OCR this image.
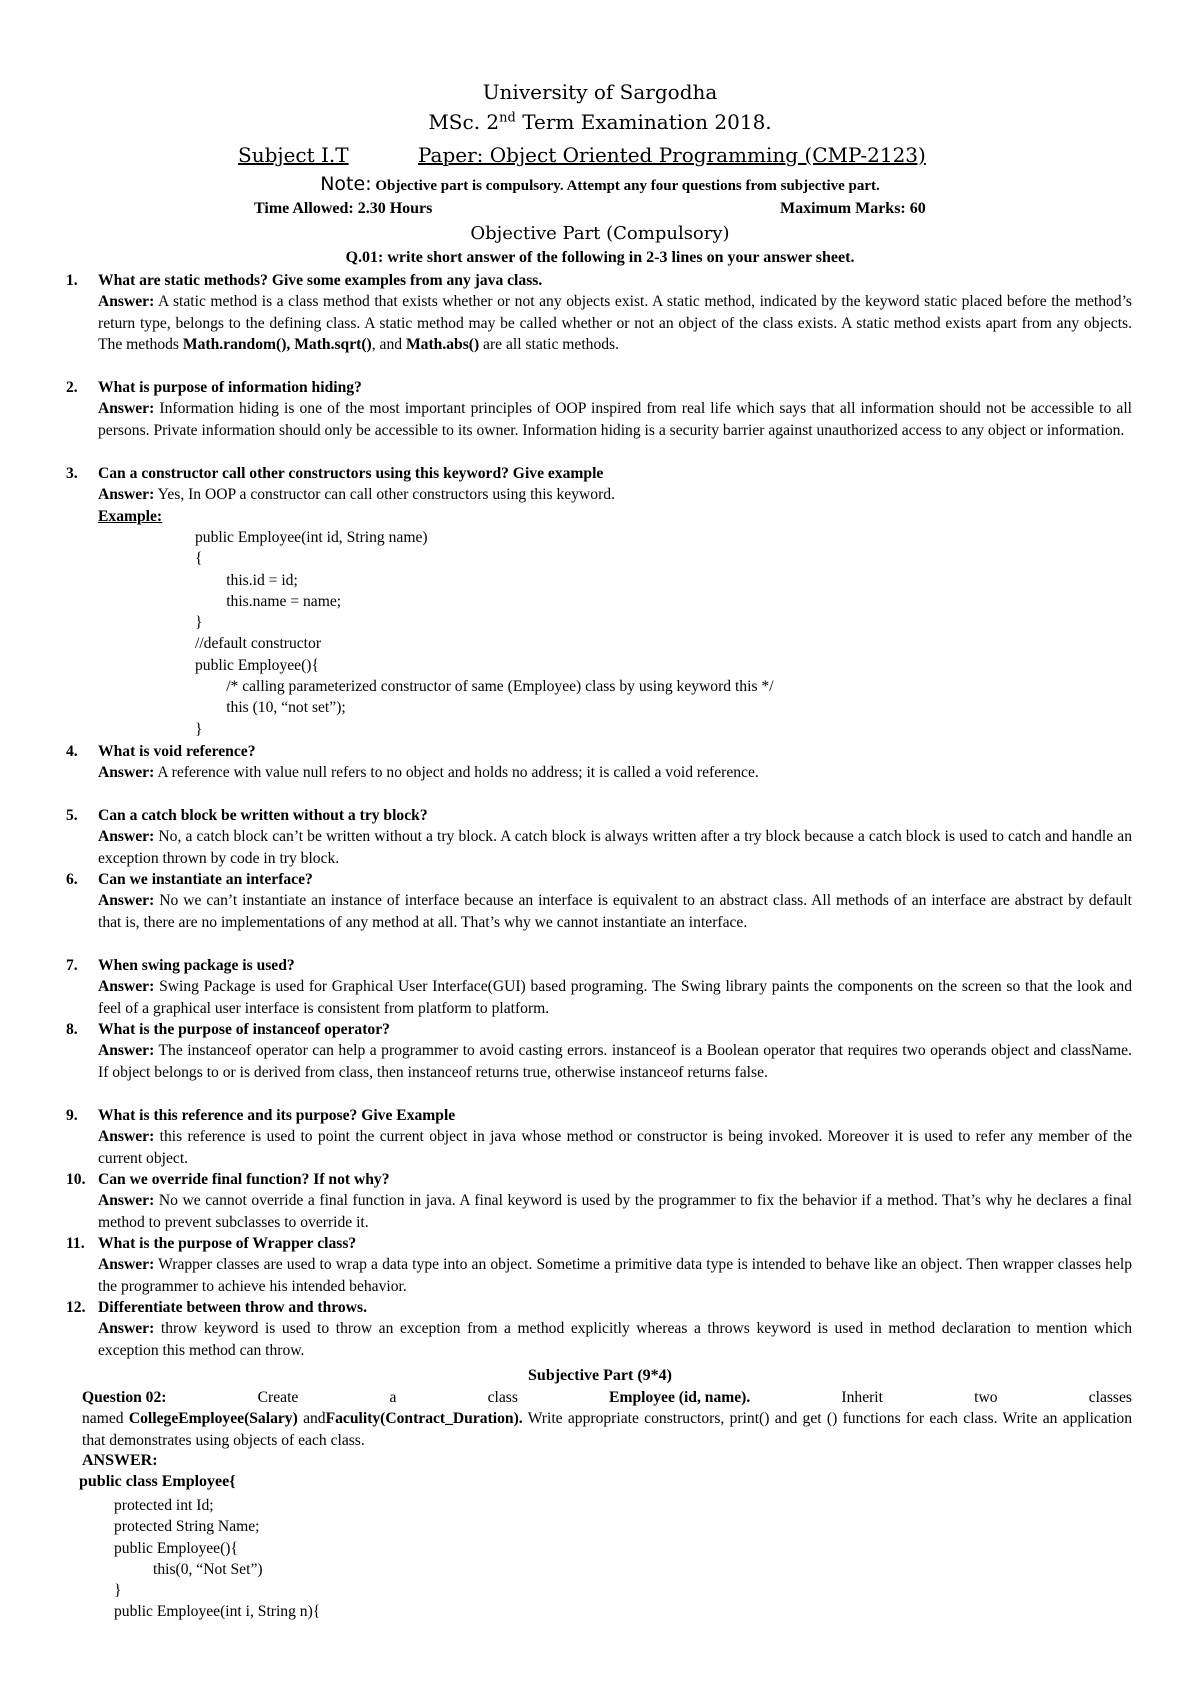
University of Sargodha
MSc. 2nd Term Examination 2018.
Subject I.T	Paper: Object Oriented Programming (CMP-2123)
Note: Objective part is compulsory. Attempt any four questions from subjective part.
Time Allowed: 2.30 Hours	Maximum Marks: 60
Objective Part (Compulsory)
Q.01: write short answer of the following in 2-3 lines on your answer sheet.
1. What are static methods? Give some examples from any java class.
Answer: A static method is a class method that exists whether or not any objects exist. A static method, indicated by the keyword static placed before the method’s return type, belongs to the defining class. A static method may be called whether or not an object of the class exists. A static method exists apart from any objects. The methods Math.random(), Math.sqrt(), and Math.abs() are all static methods.
2. What is purpose of information hiding?
Answer: Information hiding is one of the most important principles of OOP inspired from real life which says that all information should not be accessible to all persons. Private information should only be accessible to its owner. Information hiding is a security barrier against unauthorized access to any object or information.
3. Can a constructor call other constructors using this keyword? Give example
Answer: Yes, In OOP a constructor can call other constructors using this keyword.
Example:
public Employee(int id, String name)
{
this.id = id;
this.name = name;
}
//default constructor
public Employee(){
/* calling parameterized constructor of same (Employee) class by using keyword this */
this (10, “not set”);
}
4. What is void reference?
Answer: A reference with value null refers to no object and holds no address; it is called a void reference.
5. Can a catch block be written without a try block?
Answer: No, a catch block can’t be written without a try block. A catch block is always written after a try block because a catch block is used to catch and handle an exception thrown by code in try block.
6. Can we instantiate an interface?
Answer: No we can’t instantiate an instance of interface because an interface is equivalent to an abstract class. All methods of an interface are abstract by default that is, there are no implementations of any method at all. That’s why we cannot instantiate an interface.
7. When swing package is used?
Answer: Swing Package is used for Graphical User Interface(GUI) based programing. The Swing library paints the components on the screen so that the look and feel of a graphical user interface is consistent from platform to platform.
8. What is the purpose of instanceof operator?
Answer: The instanceof operator can help a programmer to avoid casting errors. instanceof is a Boolean operator that requires two operands object and className. If object belongs to or is derived from class, then instanceof returns true, otherwise instanceof returns false.
9. What is this reference and its purpose? Give Example
Answer: this reference is used to point the current object in java whose method or constructor is being invoked. Moreover it is used to refer any member of the current object.
10. Can we override final function? If not why?
Answer: No we cannot override a final function in java. A final keyword is used by the programmer to fix the behavior if a method. That’s why he declares a final method to prevent subclasses to override it.
11. What is the purpose of Wrapper class?
Answer: Wrapper classes are used to wrap a data type into an object. Sometime a primitive data type is intended to behave like an object. Then wrapper classes help the programmer to achieve his intended behavior.
12. Differentiate between throw and throws.
Answer: throw keyword is used to throw an exception from a method explicitly whereas a throws keyword is used in method declaration to mention which exception this method can throw.
Subjective Part (9*4)
Question 02:	Create	a	class	Employee (id, name).	Inherit	two	classes
named CollegeEmployee(Salary) andFaculity(Contract_Duration). Write appropriate constructors, print() and get () functions for each class. Write an application that demonstrates using objects of each class.
ANSWER:
public class Employee{
protected int Id;
protected String Name;
public Employee(){
this(0, “Not Set”)
}
public Employee(int i, String n){
